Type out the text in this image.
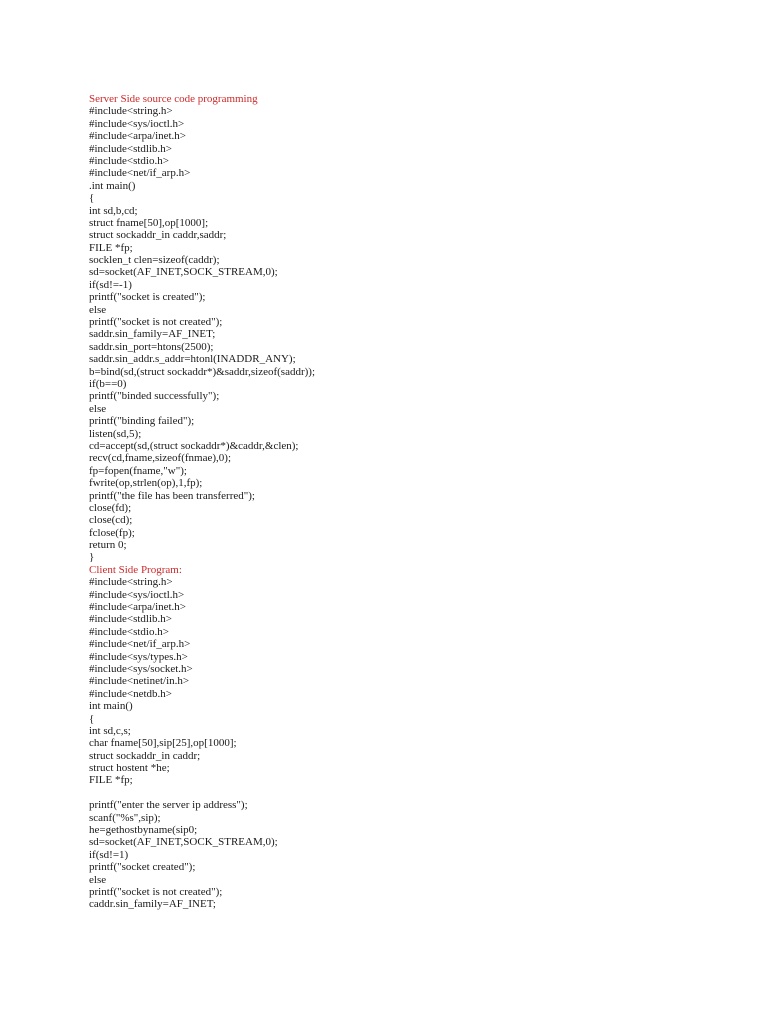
Server Side source code programming
#include<string.h>
#include<sys/ioctl.h>
#include<arpa/inet.h>
#include<stdlib.h>
#include<stdio.h>
#include<net/if_arp.h>
.int main()
{
int sd,b,cd;
struct fname[50],op[1000];
struct sockaddr_in caddr,saddr;
FILE *fp;
socklen_t clen=sizeof(caddr);
sd=socket(AF_INET,SOCK_STREAM,0);
if(sd!=-1)
printf("socket is created");
else
printf("socket is not created");
saddr.sin_family=AF_INET;
saddr.sin_port=htons(2500);
saddr.sin_addr.s_addr=htonl(INADDR_ANY);
b=bind(sd,(struct sockaddr*)&saddr,sizeof(saddr));
if(b==0)
printf("binded successfully");
else
printf("binding failed");
listen(sd,5);
cd=accept(sd,(struct sockaddr*)&caddr,&clen);
recv(cd,fname,sizeof(fnmae),0);
fp=fopen(fname,"w");
fwrite(op,strlen(op),1,fp);
printf("the file has been transferred");
close(fd);
close(cd);
fclose(fp);
return 0;
}
Client Side Program:
#include<string.h>
#include<sys/ioctl.h>
#include<arpa/inet.h>
#include<stdlib.h>
#include<stdio.h>
#include<net/if_arp.h>
#include<sys/types.h>
#include<sys/socket.h>
#include<netinet/in.h>
#include<netdb.h>
int main()
{
int sd,c,s;
char fname[50],sip[25],op[1000];
struct sockaddr_in caddr;
struct hostent *he;
FILE *fp;
printf("enter the server ip address");
scanf("%s",sip);
he=gethostbyname(sip0;
sd=socket(AF_INET,SOCK_STREAM,0);
if(sd!=1)
printf("socket created");
else
printf("socket is not created");
caddr.sin_family=AF_INET;
